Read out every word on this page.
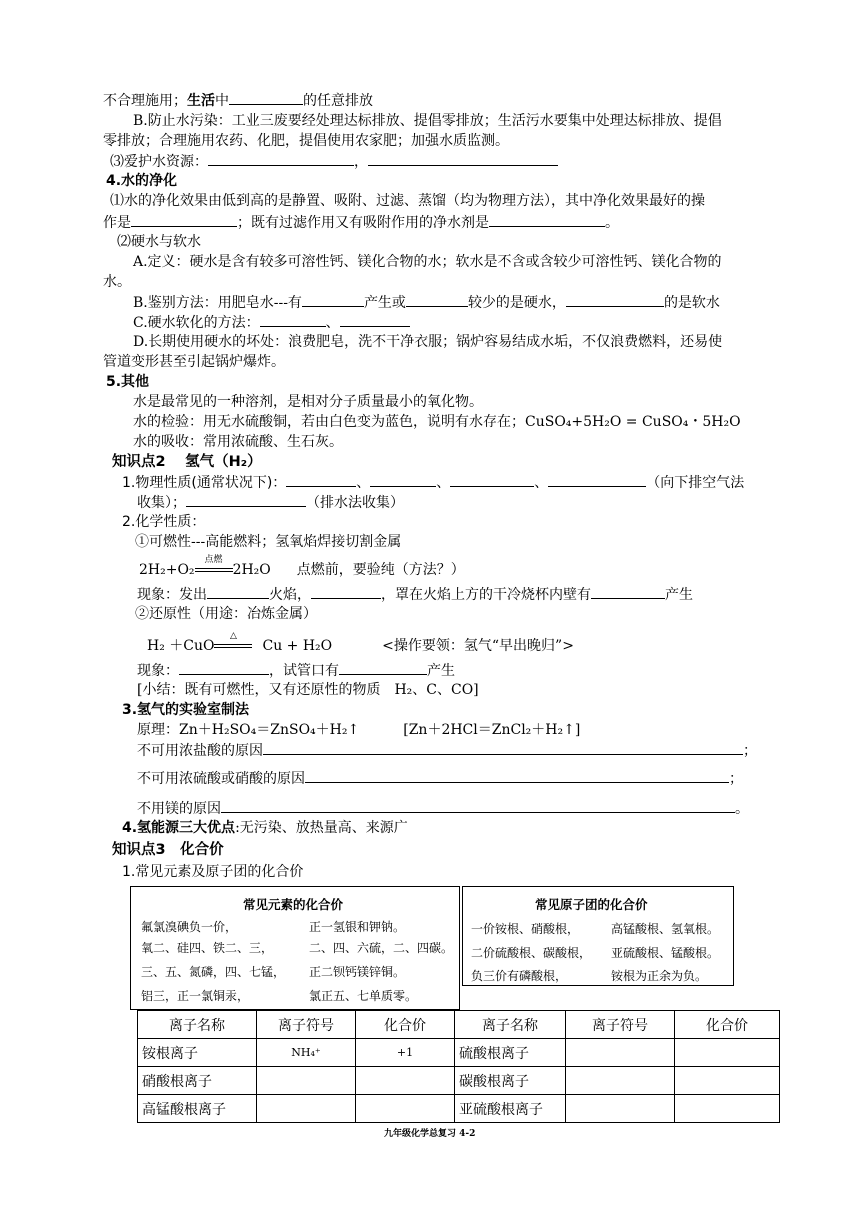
不合理施用；生活中	的任意排放
B.防止水污染：工业三废要经处理达标排放、提倡零排放；生活污水要集中处理达标排放、提倡
零排放；合理施用农药、化肥，提倡使用农家肥；加强水质监测。
⑶爱护水资源：	，
4.水的净化
⑴水的净化效果由低到高的是静置、吸附、过滤、蒸馏（均为物理方法），其中净化效果最好的操
作是	；既有过滤作用又有吸附作用的净水剂是	。
⑵硬水与软水
A.定义：硬水是含有较多可溶性钙、镁化合物的水；软水是不含或含较少可溶性钙、镁化合物的
水。
B.鉴别方法：用肥皂水---有	产生或	较少的是硬水，	的是软水
C.硬水软化的方法：	、
D.长期使用硬水的坏处：浪费肥皂，洗不干净衣服；锅炉容易结成水垢，不仅浪费燃料，还易使
管道变形甚至引起锅炉爆炸。
5.其他
水是最常见的一种溶剂，是相对分子质量最小的氧化物。
水的检验：用无水硫酸铜，若由白色变为蓝色，说明有水存在；CuSO₄+5H₂O = CuSO₄・5H₂O
水的吸收：常用浓硫酸、生石灰。
知识点2　 氢气（H₂）
1.物理性质(通常状况下)：	、	、	、	（向下排空气法
收集）；	（排水法收集）
2.化学性质：
①可燃性---高能燃料；氢氧焰焊接切割金属
2H₂+O₂
点燃
2H₂O 点燃前，要验纯（方法？）
现象：发出	火焰，	，罩在火焰上方的干冷烧杯内壁有	产生
②还原性（用途：冶炼金属）
H₂ ＋CuO
△
Cu + H₂O	<操作要领：氢气“早出晚归”>
现象：	，试管口有	产生
[小结：既有可燃性，又有还原性的物质　H₂、C、CO]
3.氢气的实验室制法
原理：Zn＋H₂SO₄＝ZnSO₄＋H₂↑	[Zn＋2HCl＝ZnCl₂＋H₂↑]
不可用浓盐酸的原因	；
不可用浓硫酸或硝酸的原因	；
不用镁的原因	。
4.氢能源三大优点:无污染、放热量高、来源广
知识点3　化合价
1.常见元素及原子团的化合价
常见元素的化合价
氟氯溴碘负一价，	正一氢银和钾钠。
氧二、硅四、铁二、三，	二、四、六硫，二、四碳。
三、五、氮磷，四、七锰， 正二钡钙镁锌铜。
铝三，正一氯铜汞，	氯正五、七单质零。
常见原子团的化合价
一价铵根、硝酸根，	高锰酸根、氢氧根。
二价硫酸根、碳酸根， 亚硫酸根、锰酸根。
负三价有磷酸根，	铵根为正余为负。
离子名称	离子符号	化合价	离子名称	离子符号	化合价
铵根离子	NH₄⁺	+1	硫酸根离子		
硝酸根离子			碳酸根离子		
高锰酸根离子			亚硫酸根离子		
九年级化学总复习 4-2
